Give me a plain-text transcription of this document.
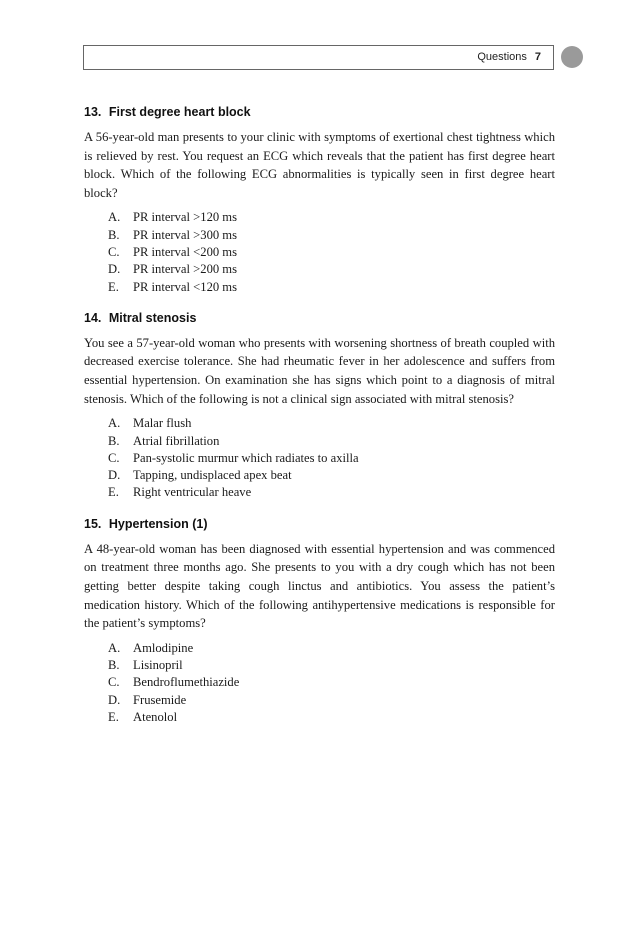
Questions 7
13. First degree heart block

A 56-year-old man presents to your clinic with symptoms of exertional chest tightness which is relieved by rest. You request an ECG which reveals that the patient has first degree heart block. Which of the following ECG abnormalities is typically seen in first degree heart block?

A. PR interval >120 ms
B. PR interval >300 ms
C. PR interval <200 ms
D. PR interval >200 ms
E. PR interval <120 ms
14. Mitral stenosis

You see a 57-year-old woman who presents with worsening shortness of breath coupled with decreased exercise tolerance. She had rheumatic fever in her adolescence and suffers from essential hypertension. On examination she has signs which point to a diagnosis of mitral stenosis. Which of the following is not a clinical sign associated with mitral stenosis?

A. Malar flush
B. Atrial fibrillation
C. Pan-systolic murmur which radiates to axilla
D. Tapping, undisplaced apex beat
E. Right ventricular heave
15. Hypertension (1)

A 48-year-old woman has been diagnosed with essential hypertension and was commenced on treatment three months ago. She presents to you with a dry cough which has not been getting better despite taking cough linctus and antibiotics. You assess the patient’s medication history. Which of the following antihypertensive medications is responsible for the patient’s symptoms?

A. Amlodipine
B. Lisinopril
C. Bendroflumethiazide
D. Frusemide
E. Atenolol
